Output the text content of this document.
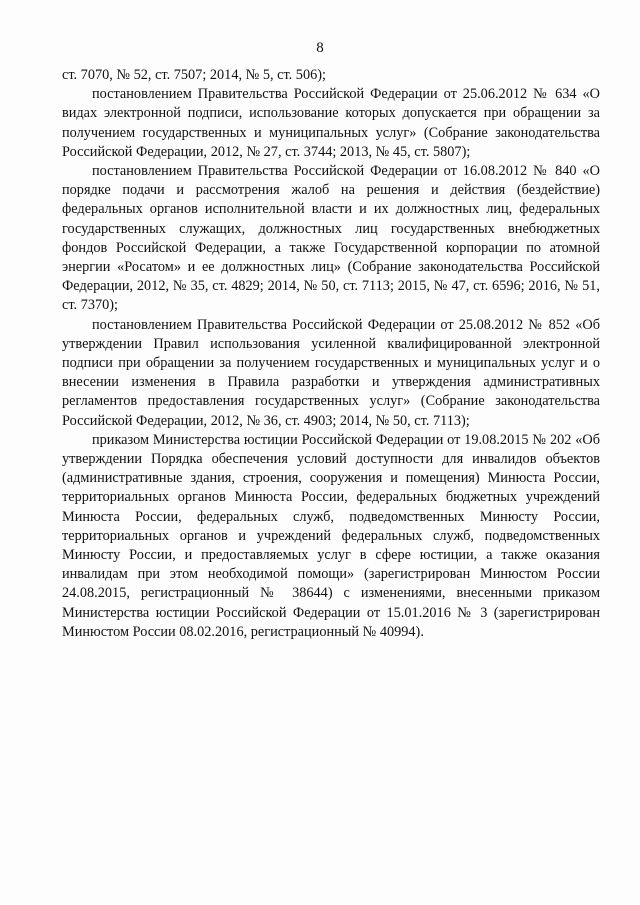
8

ст. 7070, № 52, ст. 7507; 2014, № 5, ст. 506);

постановлением Правительства Российской Федерации от 25.06.2012 № 634 «О видах электронной подписи, использование которых допускается при обращении за получением государственных и муниципальных услуг» (Собрание законодательства Российской Федерации, 2012, № 27, ст. 3744; 2013, № 45, ст. 5807);

постановлением Правительства Российской Федерации от 16.08.2012 № 840 «О порядке подачи и рассмотрения жалоб на решения и действия (бездействие) федеральных органов исполнительной власти и их должностных лиц, федеральных государственных служащих, должностных лиц государственных внебюджетных фондов Российской Федерации, а также Государственной корпорации по атомной энергии «Росатом» и ее должностных лиц» (Собрание законодательства Российской Федерации, 2012, № 35, ст. 4829; 2014, № 50, ст. 7113; 2015, № 47, ст. 6596; 2016, № 51, ст. 7370);

постановлением Правительства Российской Федерации от 25.08.2012 № 852 «Об утверждении Правил использования усиленной квалифицированной электронной подписи при обращении за получением государственных и муниципальных услуг и о внесении изменения в Правила разработки и утверждения административных регламентов предоставления государственных услуг» (Собрание законодательства Российской Федерации, 2012, № 36, ст. 4903; 2014, № 50, ст. 7113);

приказом Министерства юстиции Российской Федерации от 19.08.2015 № 202 «Об утверждении Порядка обеспечения условий доступности для инвалидов объектов (административные здания, строения, сооружения и помещения) Минюста России, территориальных органов Минюста России, федеральных бюджетных учреждений Минюста России, федеральных служб, подведомственных Минюсту России, территориальных органов и учреждений федеральных служб, подведомственных Минюсту России, и предоставляемых услуг в сфере юстиции, а также оказания инвалидам при этом необходимой помощи» (зарегистрирован Минюстом России 24.08.2015, регистрационный № 38644) с изменениями, внесенными приказом Министерства юстиции Российской Федерации от 15.01.2016 № 3 (зарегистрирован Минюстом России 08.02.2016, регистрационный № 40994).
